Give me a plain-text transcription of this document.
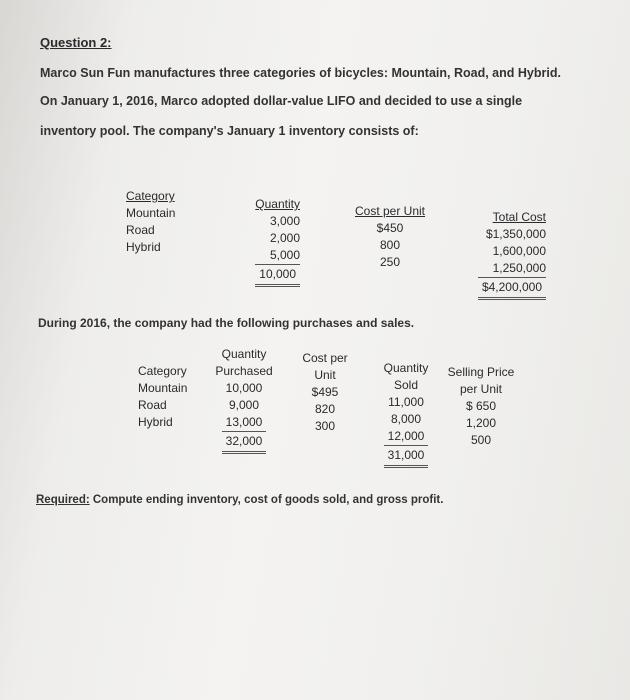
Question 2:
Marco Sun Fun manufactures three categories of bicycles: Mountain, Road, and Hybrid.
On January 1, 2016, Marco adopted dollar-value LIFO and decided to use a single
inventory pool. The company's January 1 inventory consists of:
Category
Mountain
Road
Hybrid
Quantity
3,000
2,000
5,000
10,000
Cost per Unit
$450
800
250
Total Cost
$1,350,000
1,600,000
1,250,000
$4,200,000
During 2016, the company had the following purchases and sales.
Category
Mountain
Road
Hybrid
Quantity
Purchased
10,000
9,000
13,000
32,000
Cost per
Unit
$495
820
300
Quantity
Sold
11,000
8,000
12,000
31,000
Selling Price
per Unit
$ 650
1,200
500
Required: Compute ending inventory, cost of goods sold, and gross profit.
